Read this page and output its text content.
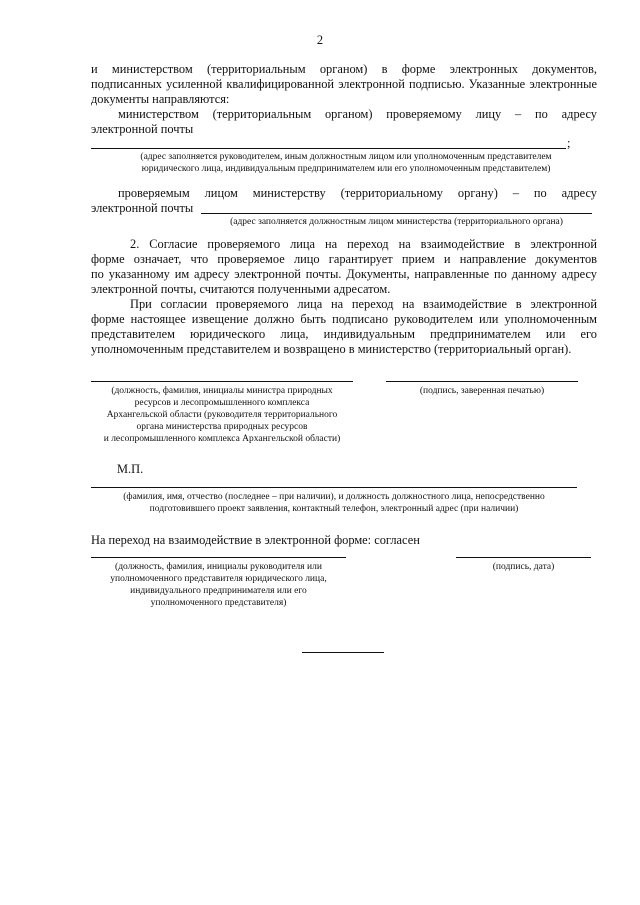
2
и министерством (территориальным органом) в форме электронных документов,
подписанных усиленной квалифицированной электронной подписью. Указанные электронные
документы направляются:
министерством (территориальным органом) проверяемому лицу – по адресу
электронной почты
;
(адрес заполняется руководителем, иным должностным лицом или уполномоченным представителем
юридического лица, индивидуальным предпринимателем или его уполномоченным представителем)
проверяемым лицом министерству (территориальному органу) – по адресу
электронной почты
(адрес заполняется должностным лицом министерства (территориального органа)
2. Согласие проверяемого лица на переход на взаимодействие в электронной
форме означает, что проверяемое лицо гарантирует прием и направление документов
по указанному им адресу электронной почты. Документы, направленные по данному адресу
электронной почты, считаются полученными адресатом.
При согласии проверяемого лица на переход на взаимодействие в электронной
форме настоящее извещение должно быть подписано руководителем или уполномоченным
представителем юридического лица, индивидуальным предпринимателем или его
уполномоченным представителем и возвращено в министерство (территориальный орган).
(должность, фамилия, инициалы министра природных
ресурсов и лесопромышленного комплекса
Архангельской области (руководителя территориального
органа министерства природных ресурсов
и лесопромышленного комплекса Архангельской области)
(подпись, заверенная печатью)
М.П.
(фамилия, имя, отчество (последнее – при наличии), и должность должностного лица, непосредственно
подготовившего проект заявления, контактный телефон, электронный адрес (при наличии)
На переход на взаимодействие в электронной форме: согласен
(должность, фамилия, инициалы руководителя или
уполномоченного представителя юридического лица,
индивидуального предпринимателя или его
уполномоченного представителя)
(подпись, дата)
